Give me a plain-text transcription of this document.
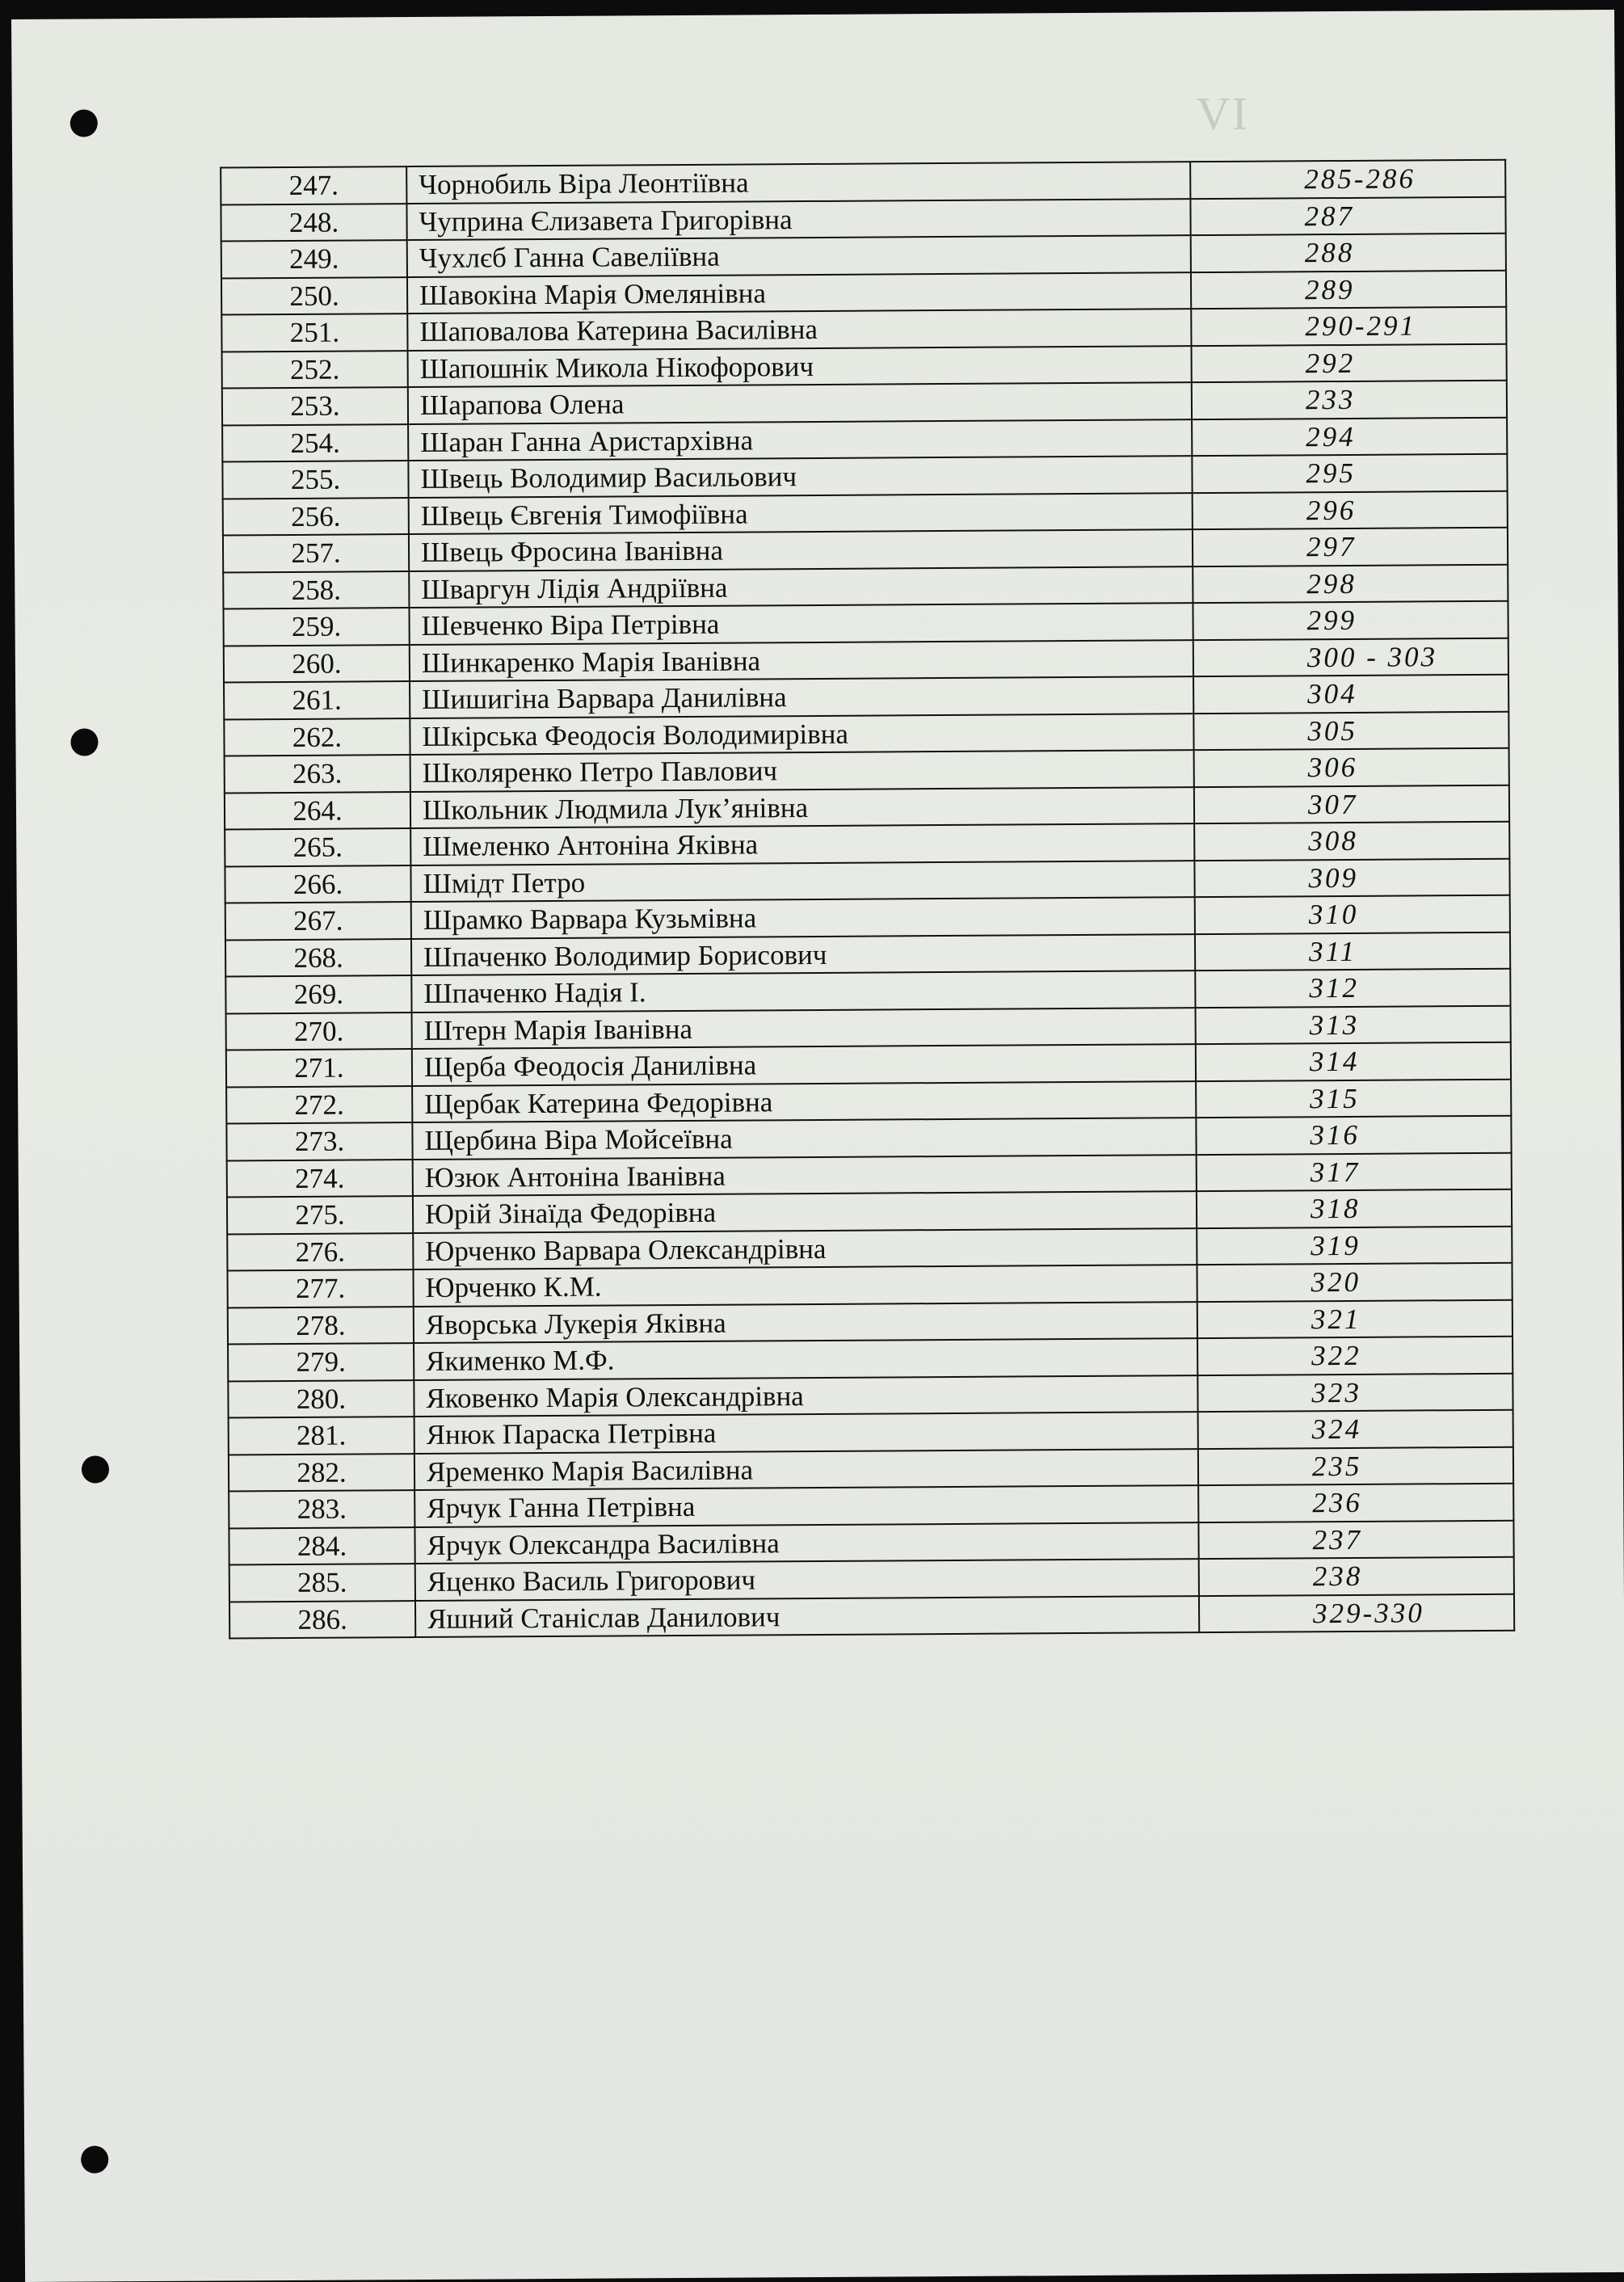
VI
247.	Чорнобиль Віра Леонтіївна	285-286
248.	Чуприна Єлизавета Григорівна	287
249.	Чухлєб Ганна Савеліївна	288
250.	Шавокіна Марія Омелянівна	289
251.	Шаповалова Катерина Василівна	290-291
252.	Шапошнік Микола Нікофорович	292
253.	Шарапова Олена	233
254.	Шаран Ганна Аристархівна	294
255.	Швець Володимир Васильович	295
256.	Швець Євгенія Тимофіївна	296
257.	Швець Фросина Іванівна	297
258.	Шваргун Лідія Андріївна	298
259.	Шевченко Віра Петрівна	299
260.	Шинкаренко Марія Іванівна	300 - 303
261.	Шишигіна Варвара Данилівна	304
262.	Шкірська Феодосія Володимирівна	305
263.	Школяренко Петро Павлович	306
264.	Школьник Людмила Лук’янівна	307
265.	Шмеленко Антоніна Яківна	308
266.	Шмідт Петро	309
267.	Шрамко Варвара Кузьмівна	310
268.	Шпаченко Володимир Борисович	311
269.	Шпаченко Надія І.	312
270.	Штерн Марія Іванівна	313
271.	Щерба Феодосія Данилівна	314
272.	Щербак Катерина Федорівна	315
273.	Щербина Віра Мойсеївна	316
274.	Юзюк Антоніна Іванівна	317
275.	Юрій Зінаїда Федорівна	318
276.	Юрченко Варвара Олександрівна	319
277.	Юрченко К.М.	320
278.	Яворська Лукерія Яківна	321
279.	Якименко М.Ф.	322
280.	Яковенко Марія Олександрівна	323
281.	Янюк Параска Петрівна	324
282.	Яременко Марія Василівна	235
283.	Ярчук Ганна Петрівна	236
284.	Ярчук Олександра Василівна	237
285.	Яценко Василь Григорович	238
286.	Яшний Станіслав Данилович	329-330
